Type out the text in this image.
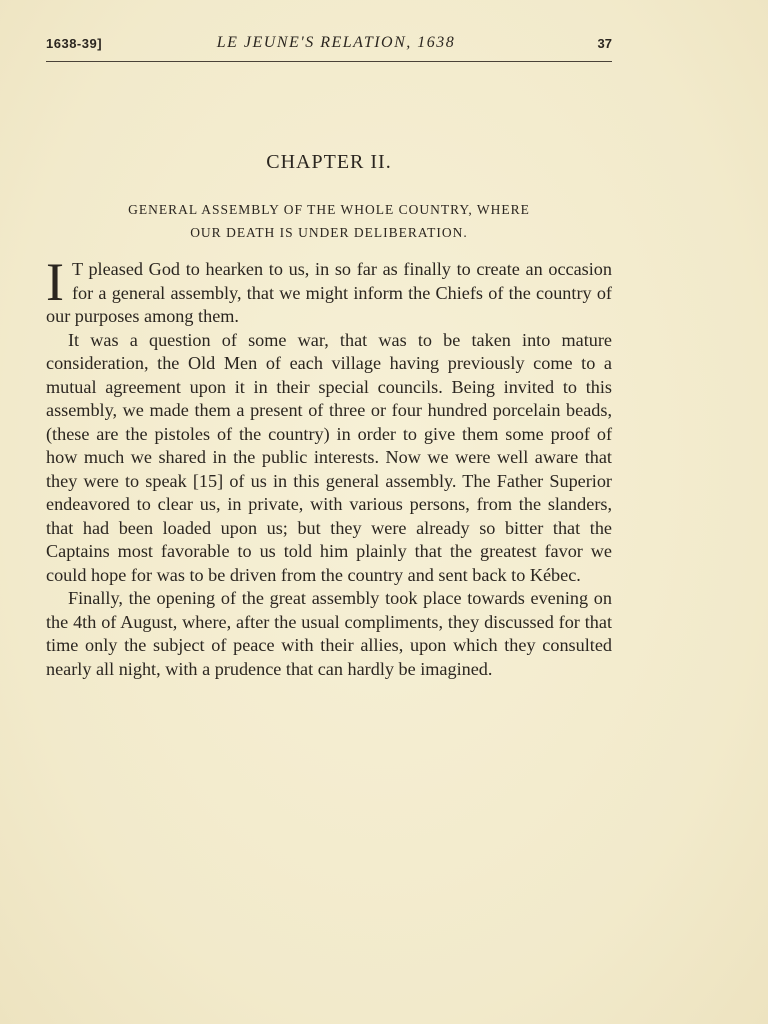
1638-39]	LE JEUNE'S RELATION, 1638	37
CHAPTER II.
GENERAL ASSEMBLY OF THE WHOLE COUNTRY, WHERE
OUR DEATH IS UNDER DELIBERATION.

I T pleased God to hearken to us, in so far as finally to create an occasion for a general assembly, that we might inform the Chiefs of the country of our purposes among them.

It was a question of some war, that was to be taken into mature consideration, the Old Men of each village having previously come to a mutual agreement upon it in their special councils. Being invited to this assembly, we made them a present of three or four hundred porcelain beads, (these are the pistoles of the country) in order to give them some proof of how much we shared in the public interests. Now we were well aware that they were to speak [15] of us in this general assembly. The Father Superior endeavored to clear us, in private, with various persons, from the slanders, that had been loaded upon us; but they were already so bitter that the Captains most favorable to us told him plainly that the greatest favor we could hope for was to be driven from the country and sent back to Kébec.

Finally, the opening of the great assembly took place towards evening on the 4th of August, where, after the usual compliments, they discussed for that time only the subject of peace with their allies, upon which they consulted nearly all night, with a prudence that can hardly be imagined.
